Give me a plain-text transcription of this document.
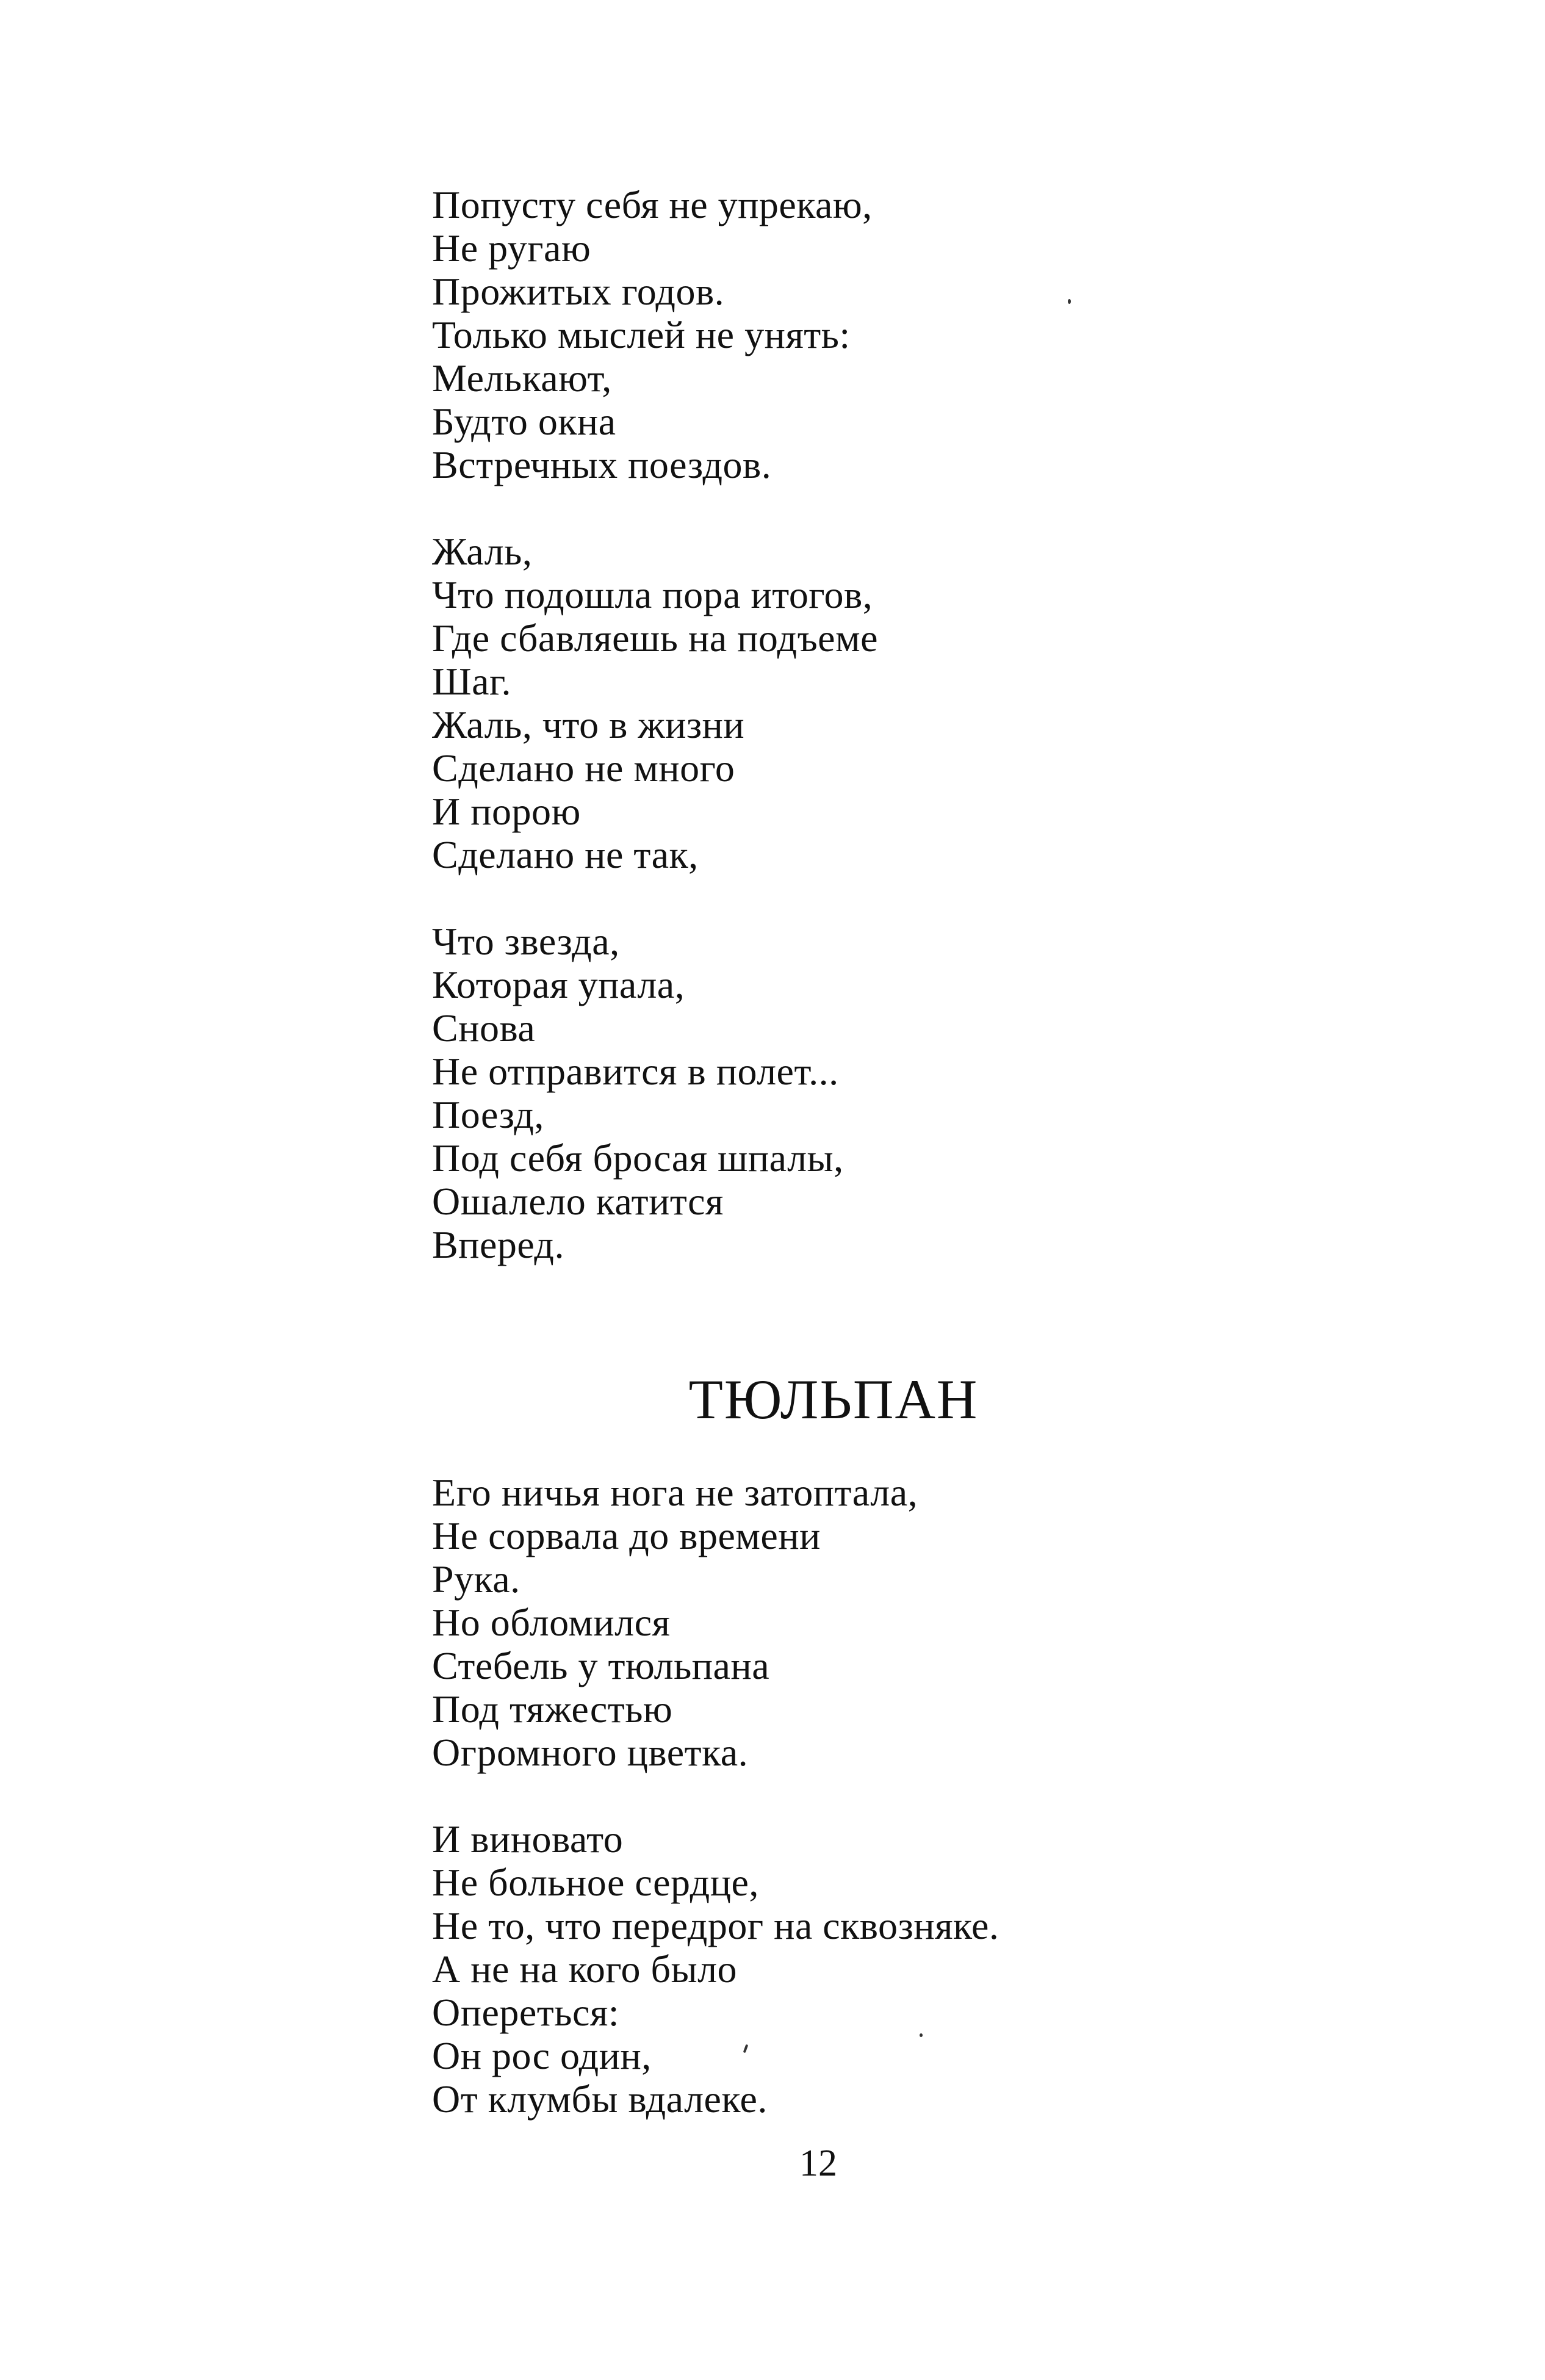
Попусту себя не упрекаю,
Не ругаю
Прожитых годов.
Только мыслей не унять:
Мелькают,
Будто окна
Встречных поездов.
Жаль,
Что подошла пора итогов,
Где сбавляешь на подъеме
Шаг.
Жаль, что в жизни
Сделано не много
И порою
Сделано не так,
Что звезда,
Которая упала,
Снова
Не отправится в полет...
Поезд,
Под себя бросая шпалы,
Ошалело катится
Вперед.
ТЮЛЬПАН
Его ничья нога не затоптала,
Не сорвала до времени
Рука.
Но обломился
Стебель у тюльпана
Под тяжестью
Огромного цветка.
И виновато
Не больное сердце,
Не то, что передрог на сквозняке.
А не на кого было
Опереться:
Он рос один,
От клумбы вдалеке.
12
